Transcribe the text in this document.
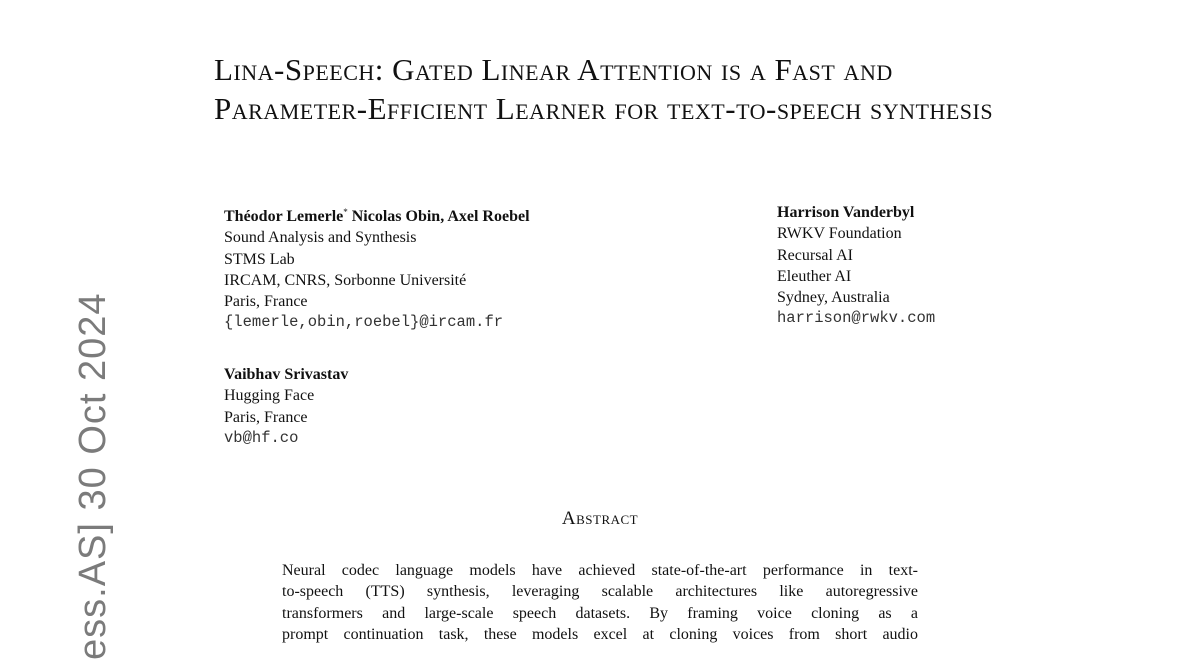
ess.AS] 30 Oct 2024
Lina-Speech: Gated Linear Attention is a Fast and Parameter-Efficient Learner for text-to-speech synthesis
Théodor Lemerle* Nicolas Obin, Axel Roebel
Sound Analysis and Synthesis
STMS Lab
IRCAM, CNRS, Sorbonne Université
Paris, France
{lemerle,obin,roebel}@ircam.fr
Harrison Vanderbyl
RWKV Foundation
Recursal AI
Eleuther AI
Sydney, Australia
harrison@rwkv.com
Vaibhav Srivastav
Hugging Face
Paris, France
vb@hf.co
Abstract
Neural codec language models have achieved state-of-the-art performance in text-
to-speech (TTS) synthesis, leveraging scalable architectures like autoregressive
transformers and large-scale speech datasets. By framing voice cloning as a
prompt continuation task, these models excel at cloning voices from short audio
